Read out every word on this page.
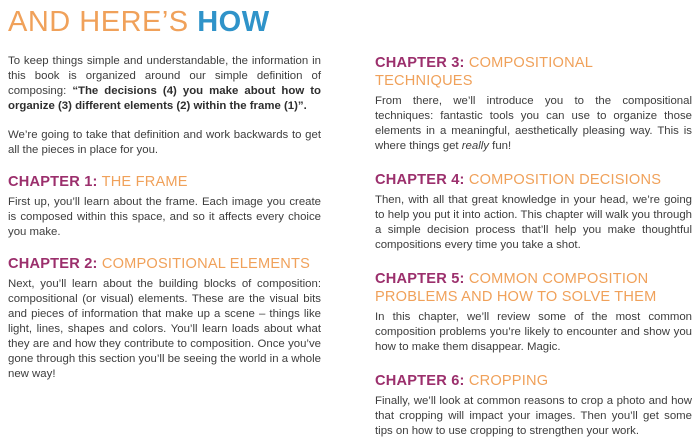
AND HERE’S HOW

To keep things simple and understandable, the information in this book is organized around our simple definition of composing: “The decisions (4) you make about how to organize (3) different elements (2) within the frame (1)”.

We’re going to take that definition and work backwards to get all the pieces in place for you.

CHAPTER 1: THE FRAME

First up, you’ll learn about the frame. Each image you create is composed within this space, and so it affects every choice you make.

CHAPTER 2: COMPOSITIONAL ELEMENTS

Next, you’ll learn about the building blocks of composition: compositional (or visual) elements. These are the visual bits and pieces of information that make up a scene – things like light, lines, shapes and colors. You’ll learn loads about what they are and how they contribute to composition. Once you’ve gone through this section you’ll be seeing the world in a whole new way!

CHAPTER 3: COMPOSITIONAL TECHNIQUES

From there, we’ll introduce you to the compositional techniques: fantastic tools you can use to organize those elements in a meaningful, aesthetically pleasing way. This is where things get really fun!

CHAPTER 4: COMPOSITION DECISIONS

Then, with all that great knowledge in your head, we’re going to help you put it into action. This chapter will walk you through a simple decision process that’ll help you make thoughtful compositions every time you take a shot.

CHAPTER 5: COMMON COMPOSITION PROBLEMS AND HOW TO SOLVE THEM

In this chapter, we’ll review some of the most common composition problems you’re likely to encounter and show you how to make them disappear. Magic.

CHAPTER 6: CROPPING

Finally, we’ll look at common reasons to crop a photo and how that cropping will impact your images. Then you’ll get some tips on how to use cropping to strengthen your work.
